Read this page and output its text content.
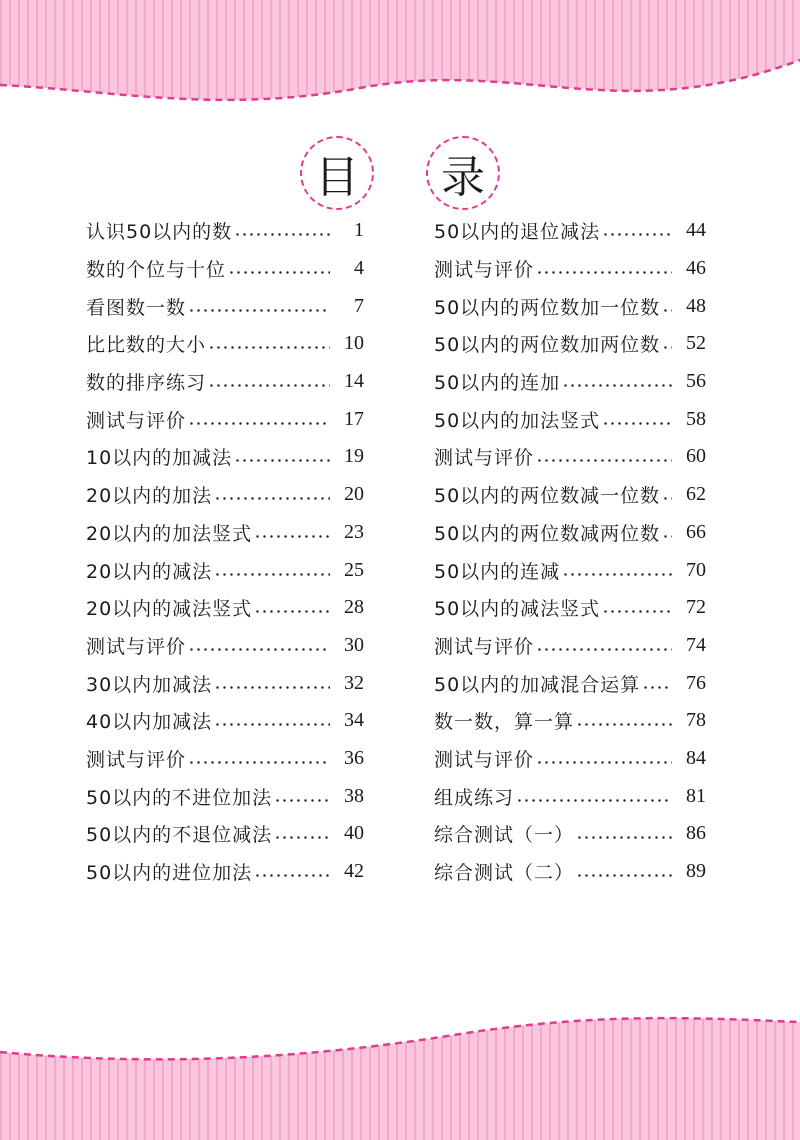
目	录
认识50以内的数	1
数的个位与十位	4
看图数一数	7
比比数的大小	10
数的排序练习	14
测试与评价	17
10以内的加减法	19
20以内的加法	20
20以内的加法竖式	23
20以内的减法	25
20以内的减法竖式	28
测试与评价	30
30以内加减法	32
40以内加减法	34
测试与评价	36
50以内的不进位加法	38
50以内的不退位减法	40
50以内的进位加法	42
50以内的退位减法	44
测试与评价	46
50以内的两位数加一位数	48
50以内的两位数加两位数	52
50以内的连加	56
50以内的加法竖式	58
测试与评价	60
50以内的两位数减一位数	62
50以内的两位数减两位数	66
50以内的连减	70
50以内的减法竖式	72
测试与评价	74
50以内的加减混合运算	76
数一数，算一算	78
测试与评价	84
组成练习	81
综合测试（一）	86
综合测试（二）	89
